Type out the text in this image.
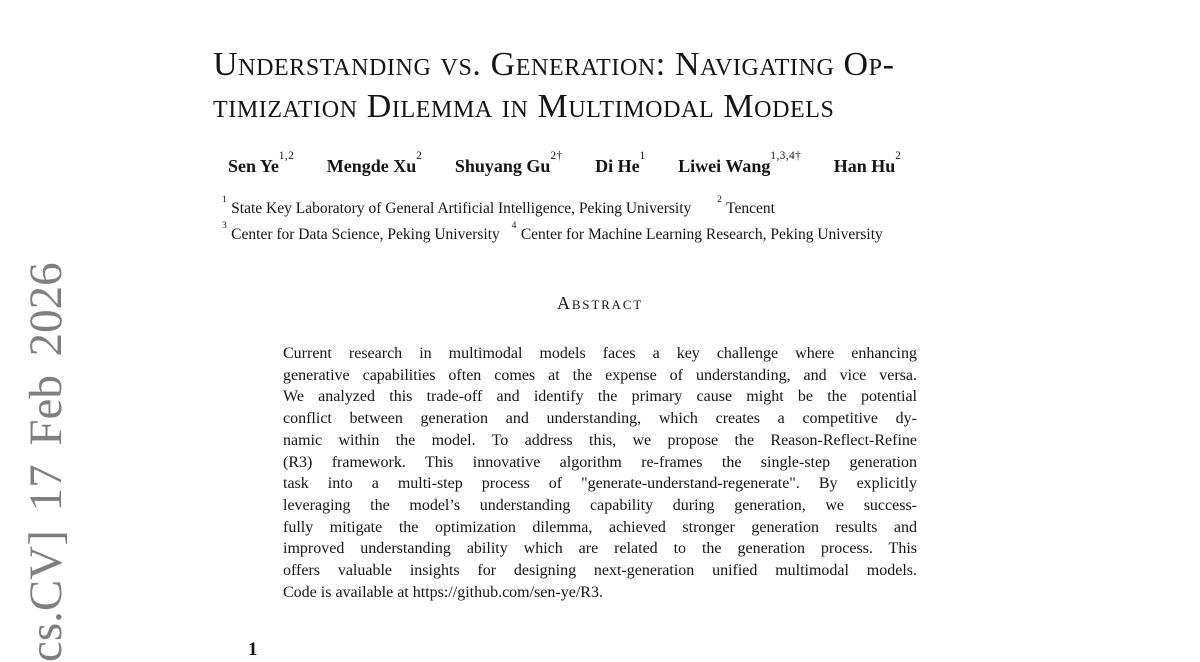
cs.CV] 17 Feb 2026
Understanding vs. Generation: Navigating Op-
timization Dilemma in Multimodal Models
Sen Ye$^{1,2}$ Mengde Xu$^2$ Shuyang $Gu^{2\dagger}$ Di He$^1$ Liwei Wang$^{1,3,4\dagger}$ Han Hu$^2$
$^1$ State Key Laboratory of General Artificial Intelligence, Peking University $^2$ Tencent
$^3$ Center for Data Science, Peking University $^4$ Center for Machine Learning Research, Peking University
Abstract
Current research in multimodal models faces a key challenge where enhancing
generative capabilities often comes at the expense of understanding, and vice versa.
We analyzed this trade-off and identify the primary cause might be the potential
conflict between generation and understanding, which creates a competitive dy-
namic within the model. To address this, we propose the Reason-Reflect-Refine
(R3) framework. This innovative algorithm re-frames the single-step generation
task into a multi-step process of "generate-understand-regenerate". By explicitly
leveraging the model’s understanding capability during generation, we success-
fully mitigate the optimization dilemma, achieved stronger generation results and
improved understanding ability which are related to the generation process. This
offers valuable insights for designing next-generation unified multimodal models.
Code is available at https://github.com/sen-ye/R3.
1
